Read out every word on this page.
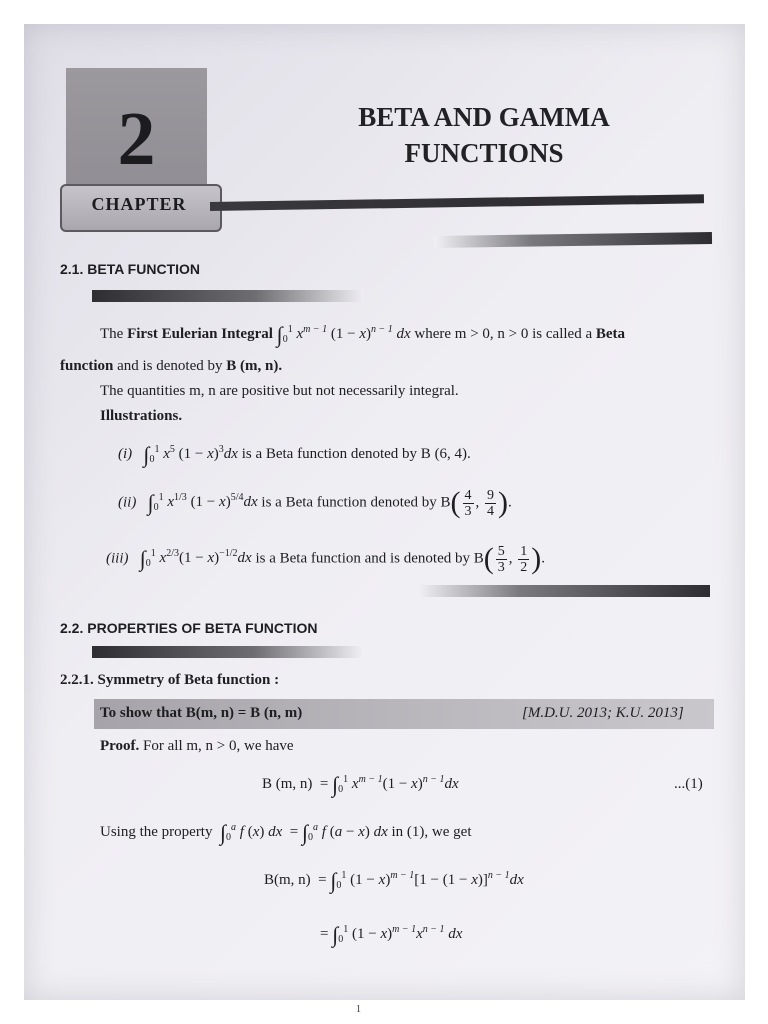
2
CHAPTER
BETA AND GAMMA
FUNCTIONS
2.1. BETA FUNCTION
The First Eulerian Integral $\int_0^1$ $x^{m - 1}$ $(1 - x)^{n - 1}$ dx where m > 0, n > 0 is called a Beta
function and is denoted by B (m, n).
The quantities m, n are positive but not necessarily integral.
Illustrations.
(i) $\int_0^1$ $x^5$ $(1 - x)^3dx$ is a Beta function denoted by B (6, 4).
(ii) $\int_0^1$ $x^{1/3}$ $(1 - x)^{5/4}dx$ is a Beta function denoted by $B( \frac{4}{3}$ , $\frac{9}{4}$ ).
(iii) $\int_0^1$ $x^{2/3}(1 - x)^{-1/2}dx$ is a Beta function and is denoted by $B( \frac{5}{3}$ , $\frac{1}{2}$ ).
2.2. PROPERTIES OF BETA FUNCTION
2.2.1. Symmetry of Beta function :
To show that B(m, n) = B (n, m)	[M.D.U. 2013; K.U. 2013]
Proof. For all m, n > 0, we have
B (m, $n) = \int_0^1$ $x^{m - 1}(1 - x)^{n - 1}dx$	...(1)
Using the property $\int_0^a$ f (x) dx  = $\int_0^a$ f (a − x) dx in (1), we get
B(m, $n) = \int_0^1$ $(1 - x)^{m - 1}[1 - (1 - x)]^{n - 1}dx$
= $\int_0^1$ $(1 - x)^{m - 1}x^{n - 1}$ dx
1
